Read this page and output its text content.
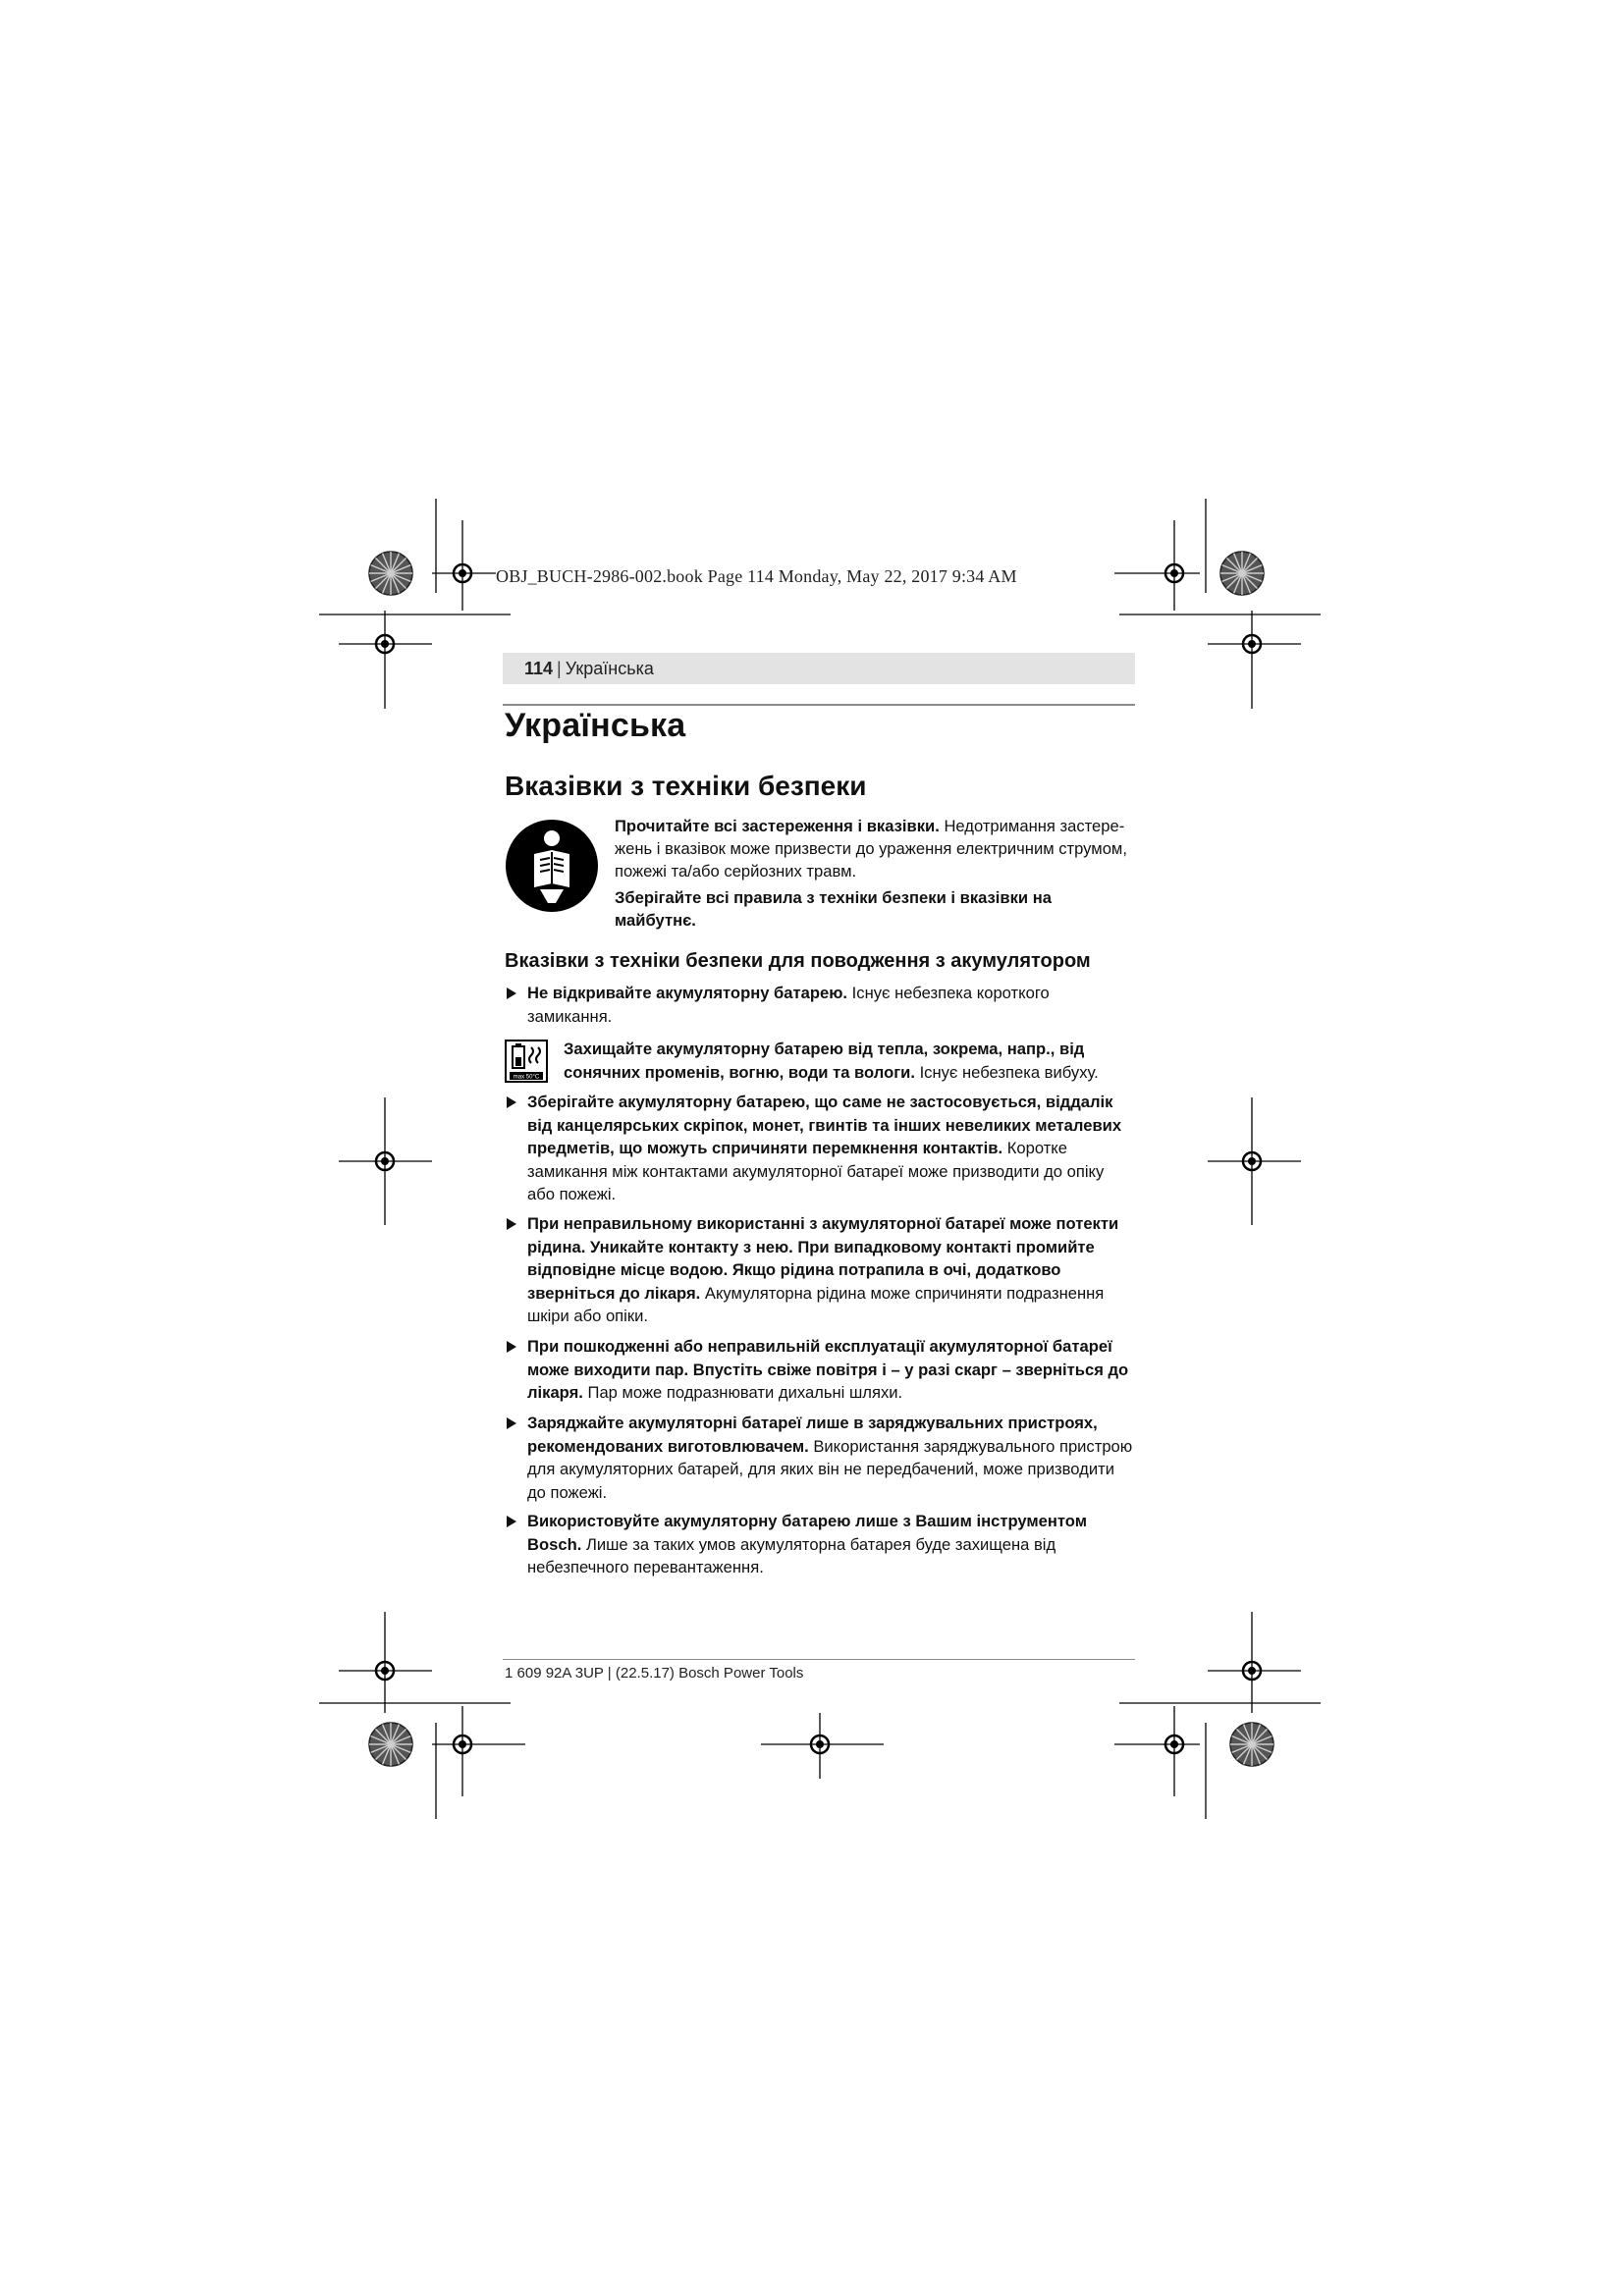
OBJ_BUCH-2986-002.book Page 114 Monday, May 22, 2017 9:34 AM
114 | Українська
Українська
Вказівки з техніки безпеки

Прочитайте всі застереження і вказівки. Недотримання застере-жень і вказівок може призвести до ураження електричним струмом, пожежі та/або серйозних травм.

Зберігайте всі правила з техніки безпеки і вказівки на майбутнє.

Вказівки з техніки безпеки для поводження з акумулятором
Не відкривайте акумуляторну батарею. Існує небезпека короткого замикання.
max 50°C
Захищайте акумуляторну батарею від тепла, зокрема, напр., від сонячних променів, вогню, води та вологи. Існує небезпека вибуху.
Зберігайте акумуляторну батарею, що саме не застосовується, віддалік від канцелярських скріпок, монет, гвинтів та інших невеликих металевих предметів, що можуть спричиняти перемкнення контактів. Коротке замикання між контактами акумуляторної батареї може призводити до опіку або пожежі.
При неправильному використанні з акумуляторної батареї може потекти рідина. Уникайте контакту з нею. При випадковому контакті промийте відповідне місце водою. Якщо рідина потрапила в очі, додатково зверніться до лікаря. Акумуляторна рідина може спричиняти подразнення шкіри або опіки.
При пошкодженні або неправильній експлуатації акумуляторної батареї може виходити пар. Впустіть свіже повітря і – у разі скарг – зверніться до лікаря. Пар може подразнювати дихальні шляхи.
Заряджайте акумуляторні батареї лише в заряджувальних пристроях, рекомендованих виготовлювачем. Використання заряджувального пристрою для акумуляторних батарей, для яких він не передбачений, може призводити до пожежі.
Використовуйте акумуляторну батарею лише з Вашим інструментом Bosch. Лише за таких умов акумуляторна батарея буде захищена від небезпечного перевантаження.
1 609 92A 3UP | (22.5.17) Bosch Power Tools
